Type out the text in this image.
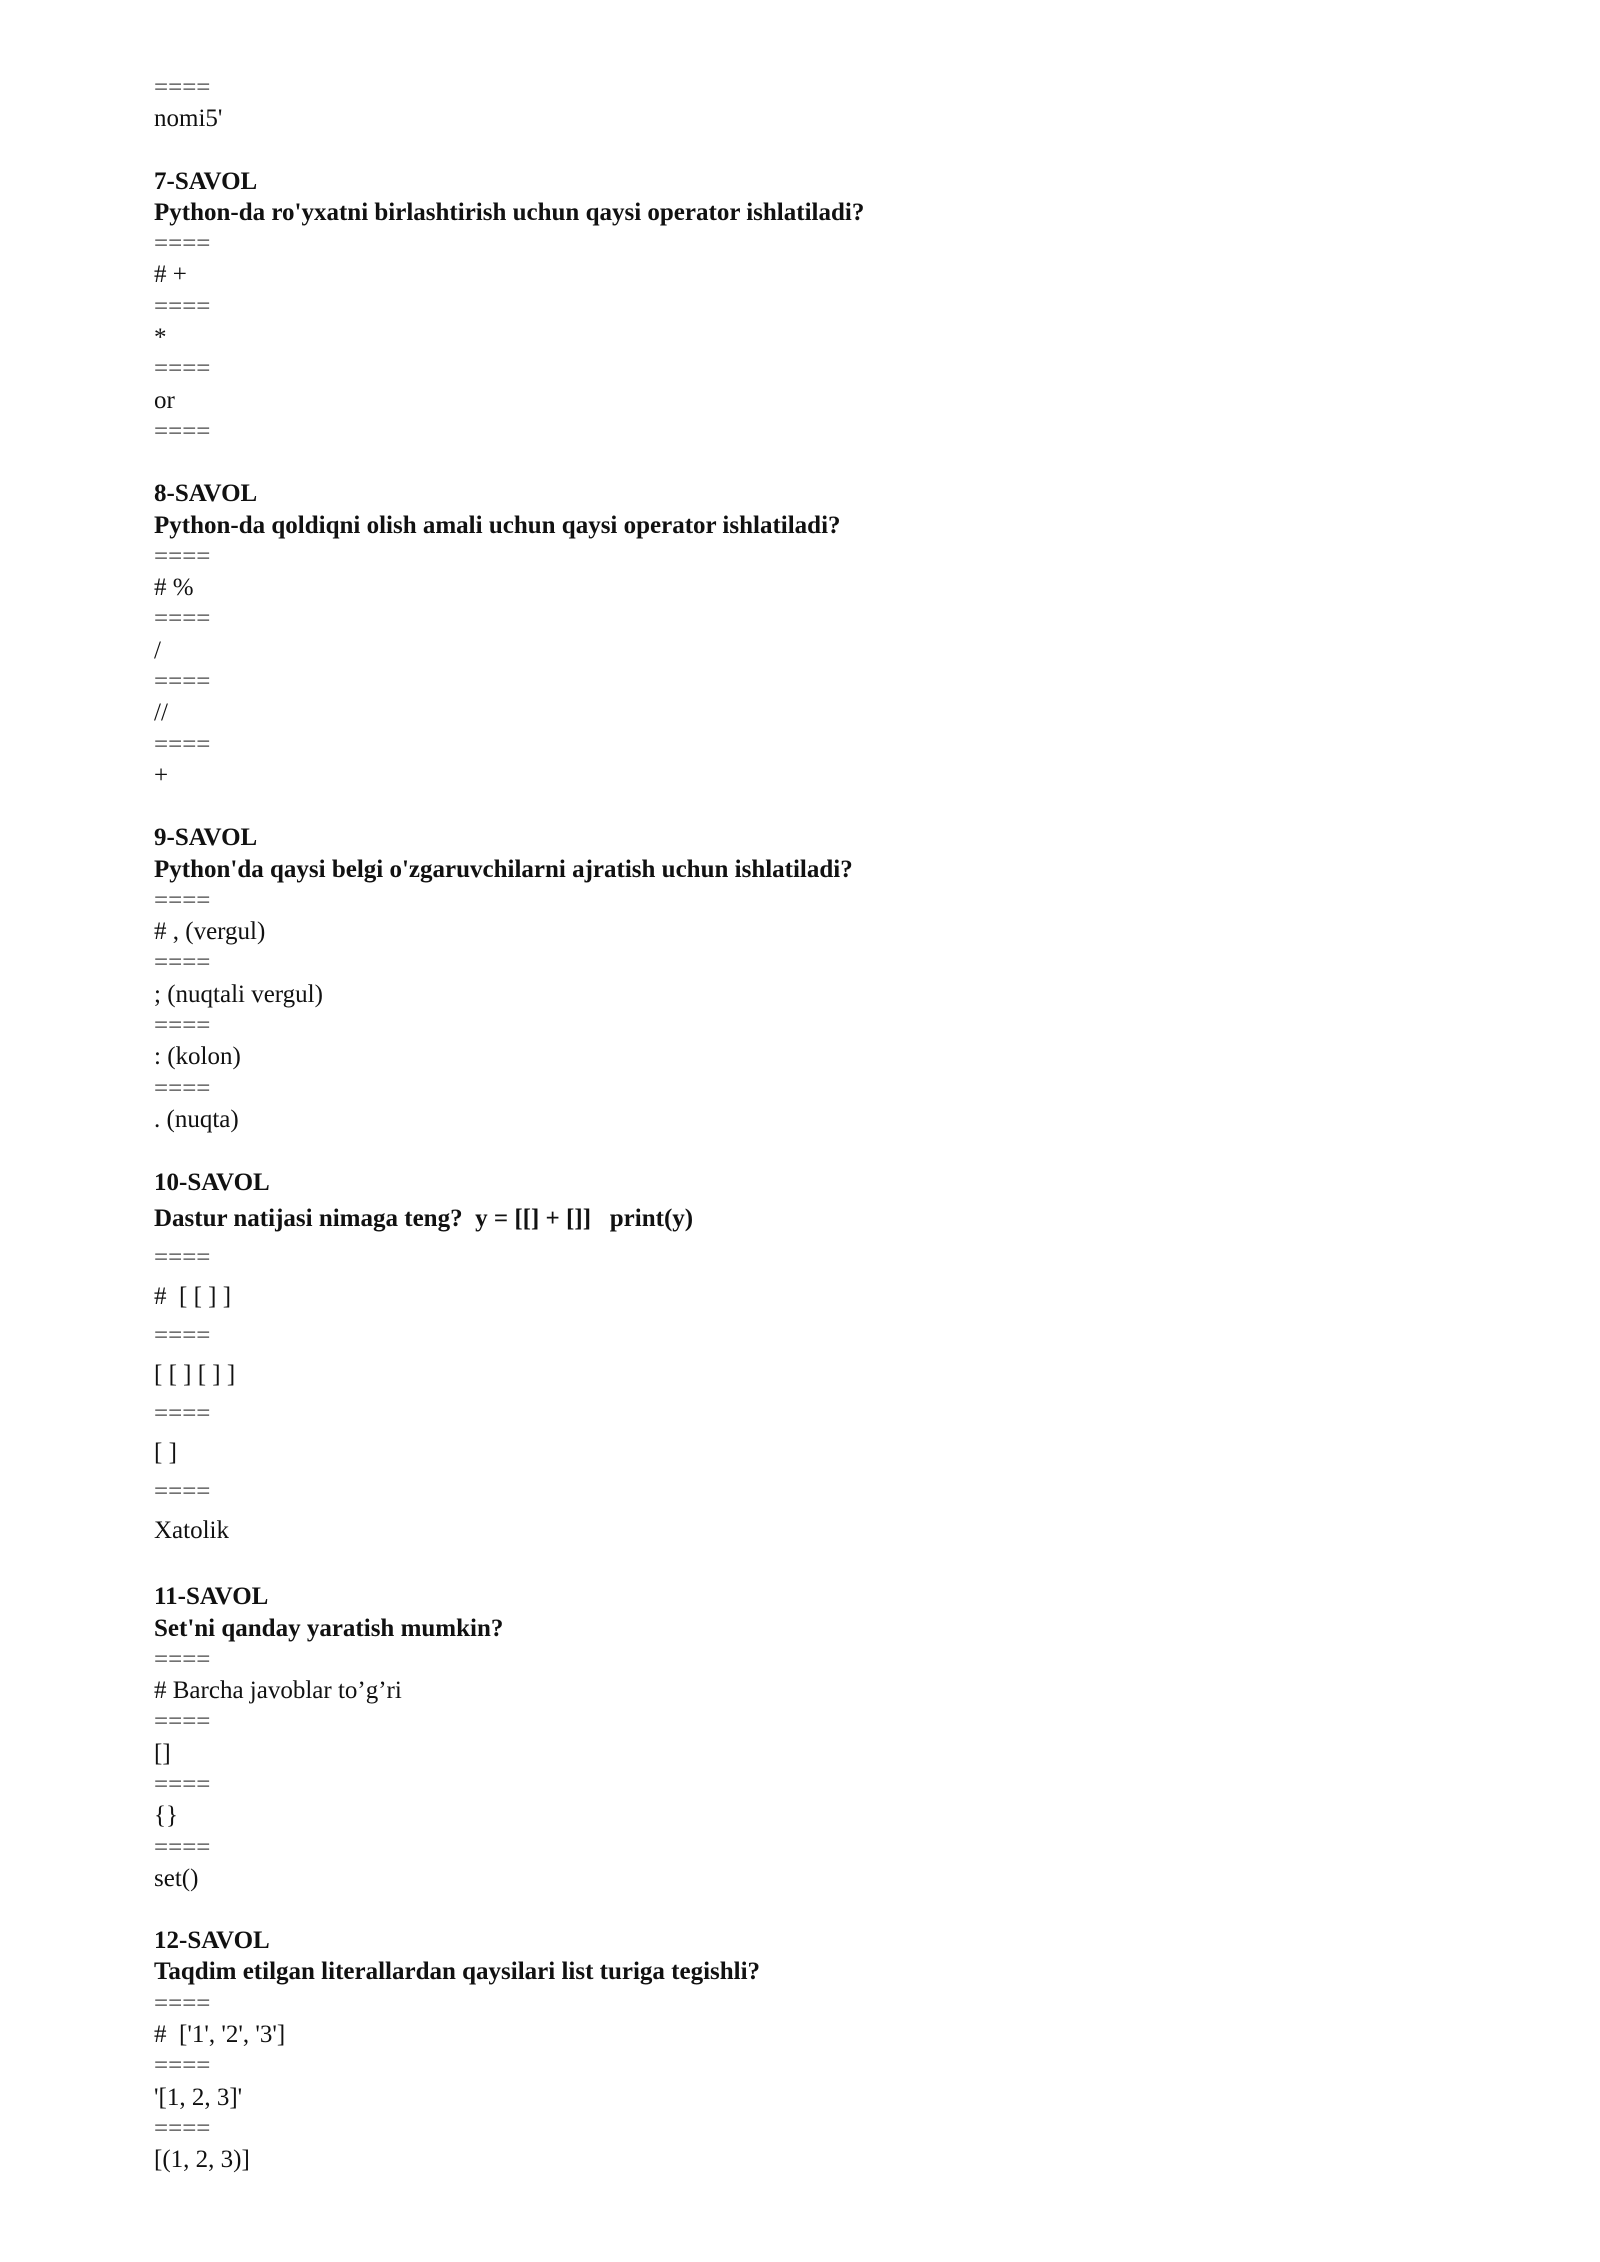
====
nomi5'
7-SAVOL
Python-da ro'yxatni birlashtirish uchun qaysi operator ishlatiladi?
====
# +
====
*
====
or
====
8-SAVOL
Python-da qoldiqni olish amali uchun qaysi operator ishlatiladi?
====
# %
====
/
====
//
====
+
9-SAVOL
Python'da qaysi belgi o'zgaruvchilarni ajratish uchun ishlatiladi?
====
# , (vergul)
====
; (nuqtali vergul)
====
: (kolon)
====
. (nuqta)
10-SAVOL
Dastur natijasi nimaga teng?  y = [[] + []]   print(y)
====
#  [ [ ] ]
====
[ [ ] [ ] ]
====
[ ]
====
Xatolik
11-SAVOL
Set'ni qanday yaratish mumkin?
====
# Barcha javoblar to’g’ri
====
[]
====
{}
====
set()
12-SAVOL
Taqdim etilgan literallardan qaysilari list turiga tegishli?
====
#  ['1', '2', '3']
====
'[1, 2, 3]'
====
[(1, 2, 3)]
